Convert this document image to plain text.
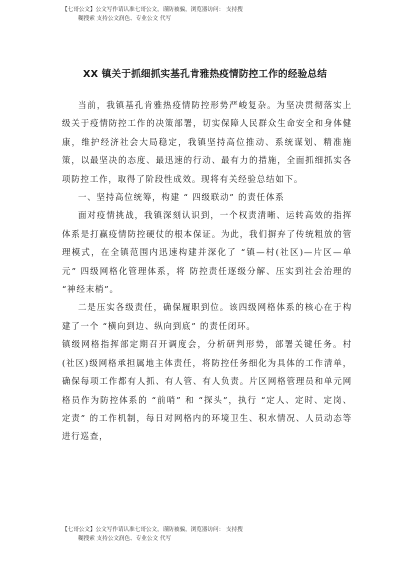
【七哥公文】公文写作请认准七哥公文，谨防被骗，浏览器访问： 支持搜
糊搜索 支持公文润色、专业公文 代写
XX 镇关于抓细抓实基孔肯雅热疫情防控工作的经验总结

当前，我镇基孔肯雅热疫情防控形势严峻复杂。为坚决贯彻落实上级关于疫情防控工作的决策部署，切实保障人民群众生命安全和身体健康，维护经济社会大局稳定，我镇坚持高位推动、系统谋划、精准施策，以最坚决的态度、最迅速的行动、最有力的措施，全面抓细抓实各项防控工作，取得了阶段性成效。现将有关经验总结如下。

一、坚持高位统筹，构建 “ 四级联动” 的责任体系

面对疫情挑战，我镇深刻认识到，一个权责清晰、运转高效的指挥体系是打赢疫情防控硬仗的根本保证。为此，我们摒弃了传统粗放的管理模式，在全镇范围内迅速构建并深化了 “镇—村(社区)—片区—单元” 四级网格化管理体系，将 防控责任逐级分解、压实到社会治理的 “神经末梢”。

二是压实各级责任，确保履职到位。该四级网格体系的核心在于构建了一个 “横向到边、纵向到底” 的责任闭环。

镇级网格指挥部定期召开调度会，分析研判形势，部署关键任务。村(社区)级网格承担属地主体责任，将防控任务细化为具体的工作清单，确保每项工作都有人抓、有人管、有人负责。片区网格管理员和单元网格员作为防控体系的 “前哨” 和 “探头”，执行 “定人、定时、定岗、定责” 的工作机制，每日对网格内的环境卫生、积水情况、人员动态等进行巡查，

【七哥公文】公文写作请认准七哥公文，谨防被骗，浏览器访问： 支持搜
糊搜索 支持公文润色、专业公文 代写
